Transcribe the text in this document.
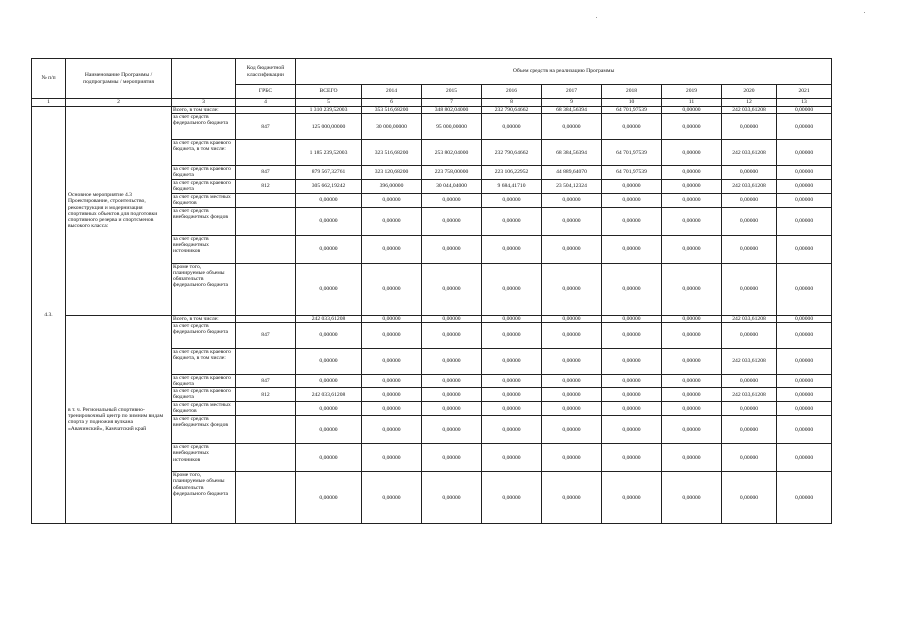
№ п/п	Наименование Программы / подпрограммы / мероприятия		Код бюджетной классификации	Объем средств на реализацию Программы								
			ГРБС	ВСЕГО	2014	2015	2016	2017	2018	2019	2020	2021
1	2	3	4	5	6	7	8	9	10	11	12	13
4.3.	Основное мероприятие 4.3 Проектирование, строительство, реконструкция и модернизация спортивных объектов для подготовки спортивного резерва и спортсменов высокого класса:	Всего, в том числе:		1 310 239,52003	353 516,68200	348 802,04000	232 790,64662	68 384,56394	64 701,97539	0,00000	242 033,61208	0,00000
		за счет средств федерального бюджета	847	125 000,00000	30 000,00000	95 000,00000	0,00000	0,00000	0,00000	0,00000	0,00000	0,00000
		за счет средств краевого бюджета, в том числе:		1 185 239,52003	323 516,68200	253 802,04000	232 790,64662	68 384,56394	64 701,97539	0,00000	242 033,61208	0,00000
		за счет средств краевого бюджета	847	879 567,32761	323 120,68200	223 758,00000	223 106,22952	44 889,64070	64 701,97539	0,00000	0,00000	0,00000
		за счет средств краевого бюджета	812	305 662,19242	396,00000	30 044,04000	9 684,41710	23 504,12324	0,00000	0,00000	242 033,61208	0,00000
		за счет средств местных бюджетов		0,00000	0,00000	0,00000	0,00000	0,00000	0,00000	0,00000	0,00000	0,00000
		за счет средств внебюджетных фондов		0,00000	0,00000	0,00000	0,00000	0,00000	0,00000	0,00000	0,00000	0,00000
		за счет средств внебюджетных источников		0,00000	0,00000	0,00000	0,00000	0,00000	0,00000	0,00000	0,00000	0,00000
		Кроме того, планируемые объемы обязательств федерального бюджета		0,00000	0,00000	0,00000	0,00000	0,00000	0,00000	0,00000	0,00000	0,00000
	в т. ч. Региональный спортивно-тренировочный центр по зимним видам спорта у подножия вулкана «Авачинский», Камчатский край	Всего, в том числе:		242 033,61208	0,00000	0,00000	0,00000	0,00000	0,00000	0,00000	242 033,61208	0,00000
		за счет средств федерального бюджета	847	0,00000	0,00000	0,00000	0,00000	0,00000	0,00000	0,00000	0,00000	0,00000
		за счет средств краевого бюджета, в том числе:		0,00000	0,00000	0,00000	0,00000	0,00000	0,00000	0,00000	242 033,61208	0,00000
		за счет средств краевого бюджета	847	0,00000	0,00000	0,00000	0,00000	0,00000	0,00000	0,00000	0,00000	0,00000
		за счет средств краевого бюджета	812	242 033,61208	0,00000	0,00000	0,00000	0,00000	0,00000	0,00000	242 033,61208	0,00000
		за счет средств местных бюджетов		0,00000	0,00000	0,00000	0,00000	0,00000	0,00000	0,00000	0,00000	0,00000
		за счет средств внебюджетных фондов		0,00000	0,00000	0,00000	0,00000	0,00000	0,00000	0,00000	0,00000	0,00000
		за счет средств внебюджетных источников		0,00000	0,00000	0,00000	0,00000	0,00000	0,00000	0,00000	0,00000	0,00000
		Кроме того, планируемые объемы обязательств федерального бюджета		0,00000	0,00000	0,00000	0,00000	0,00000	0,00000	0,00000	0,00000	0,00000
